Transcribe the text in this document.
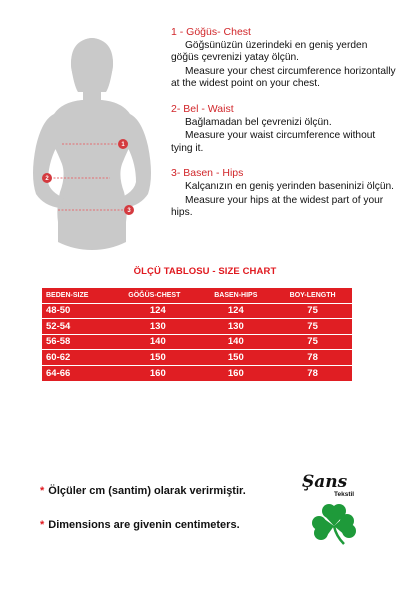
1
2
3
1 - Göğüs- Chest
Göğsünüzün üzerindeki en geniş yerden göğüs çevrenizi yatay ölçün.
Measure your chest circumference horizontally at the widest point on your chest.
2- Bel - Waist
Bağlamadan bel çevrenizi ölçün.
Measure your waist circumference without tying it.
3- Basen - Hips
Kalçanızın en geniş yerinden baseninizi ölçün.
Measure your hips at the widest part of your hips.
ÖLÇÜ TABLOSU - SIZE CHART
BEDEN-SIZE	GÖĞÜS-CHEST	BASEN-HIPS	BOY-LENGTH
48-50	124	124	75
52-54	130	130	75
56-58	140	140	75
60-62	150	150	78
64-66	160	160	78
* Ölçüler cm (santim) olarak verirmiştir.
* Dimensions are givenin centimeters.
Şans
Tekstil
